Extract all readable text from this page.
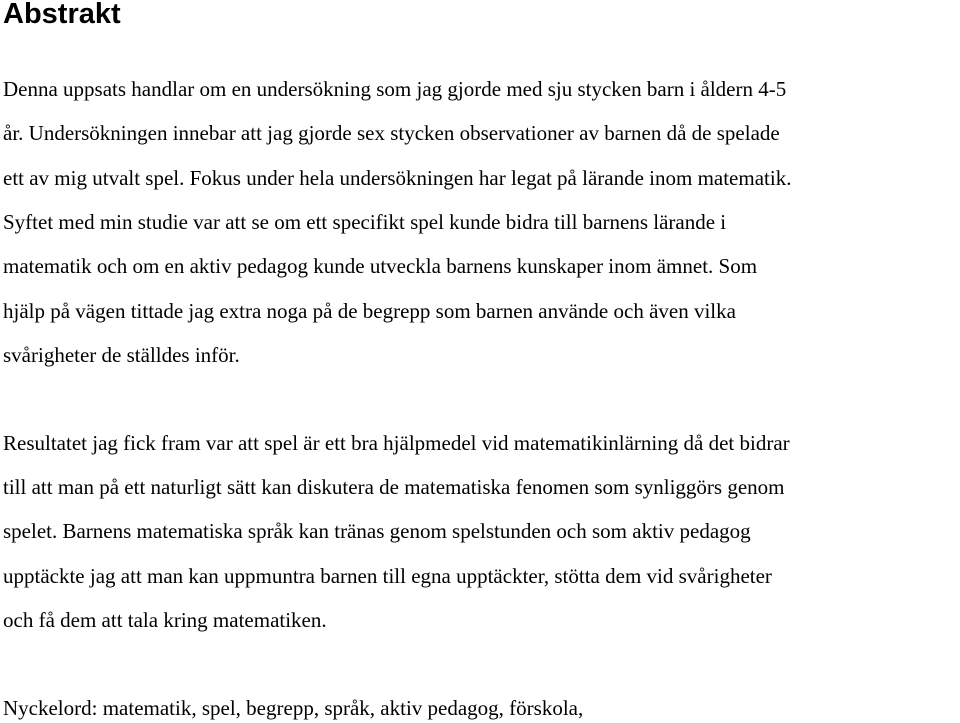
Abstrakt

Denna uppsats handlar om en undersökning som jag gjorde med sju stycken barn i åldern 4-5

år. Undersökningen innebar att jag gjorde sex stycken observationer av barnen då de spelade

ett av mig utvalt spel. Fokus under hela undersökningen har legat på lärande inom matematik.

Syftet med min studie var att se om ett specifikt spel kunde bidra till barnens lärande i

matematik och om en aktiv pedagog kunde utveckla barnens kunskaper inom ämnet. Som

hjälp på vägen tittade jag extra noga på de begrepp som barnen använde och även vilka

svårigheter de ställdes inför.

Resultatet jag fick fram var att spel är ett bra hjälpmedel vid matematikinlärning då det bidrar

till att man på ett naturligt sätt kan diskutera de matematiska fenomen som synliggörs genom

spelet. Barnens matematiska språk kan tränas genom spelstunden och som aktiv pedagog

upptäckte jag att man kan uppmuntra barnen till egna upptäckter, stötta dem vid svårigheter

och få dem att tala kring matematiken.

Nyckelord: matematik, spel, begrepp, språk, aktiv pedagog, förskola,
